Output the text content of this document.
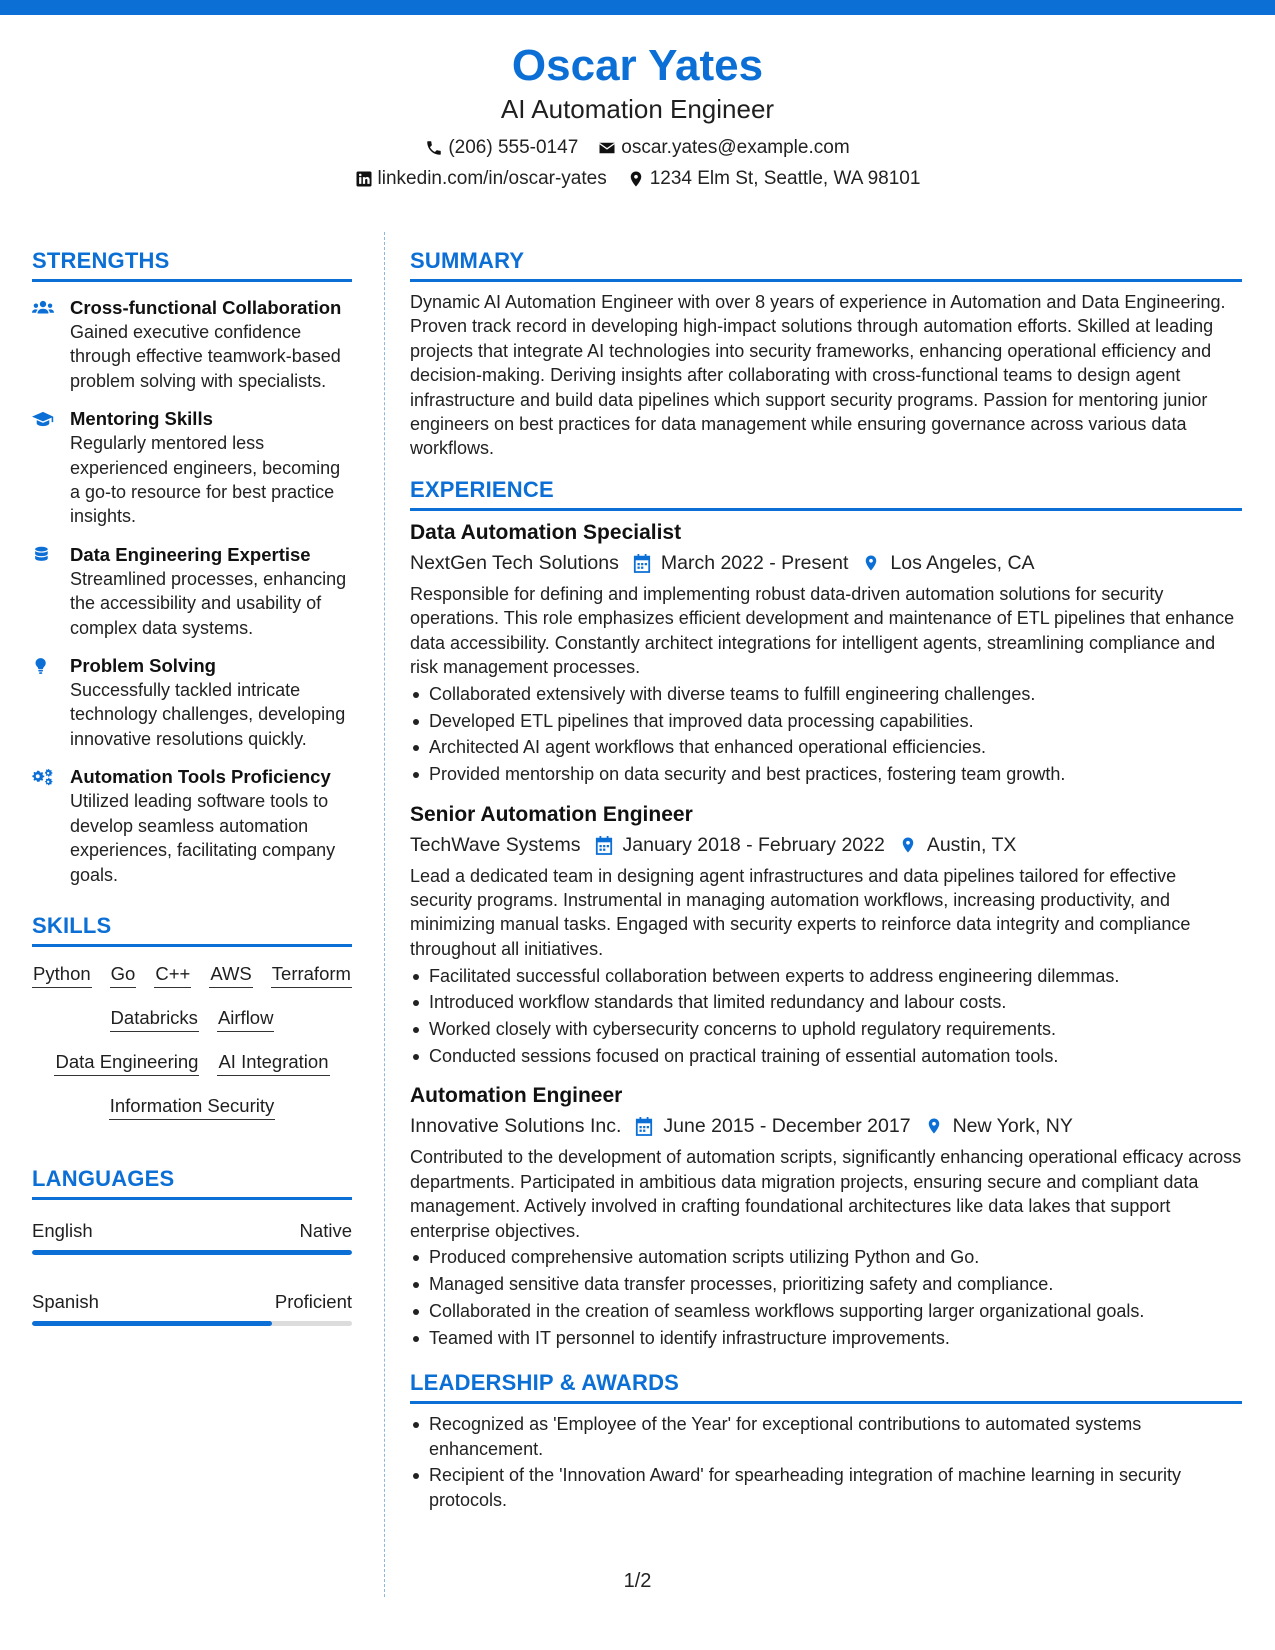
Oscar Yates
AI Automation Engineer
(206) 555-0147 oscar.yates@example.com
linkedin.com/in/oscar-yates 1234 Elm St, Seattle, WA 98101
STRENGTHS
Cross-functional Collaboration
Gained executive confidence through effective teamwork-based problem solving with specialists.
Mentoring Skills
Regularly mentored less experienced engineers, becoming a go-to resource for best practice insights.
Data Engineering Expertise
Streamlined processes, enhancing the accessibility and usability of complex data systems.
Problem Solving
Successfully tackled intricate technology challenges, developing innovative resolutions quickly.
Automation Tools Proficiency
Utilized leading software tools to develop seamless automation experiences, facilitating company goals.
SKILLS
Python Go C++ AWS Terraform
Databricks Airflow
Data Engineering AI Integration
Information Security
LANGUAGES
English	Native
Spanish	Proficient
SUMMARY
Dynamic AI Automation Engineer with over 8 years of experience in Automation and Data Engineering. Proven track record in developing high-impact solutions through automation efforts. Skilled at leading projects that integrate AI technologies into security frameworks, enhancing operational efficiency and decision-making. Deriving insights after collaborating with cross-functional teams to design agent infrastructure and build data pipelines which support security programs. Passion for mentoring junior engineers on best practices for data management while ensuring governance across various data workflows.
EXPERIENCE
Data Automation Specialist
NextGen Tech Solutions March 2022 - Present Los Angeles, CA
Responsible for defining and implementing robust data-driven automation solutions for security operations. This role emphasizes efficient development and maintenance of ETL pipelines that enhance data accessibility. Constantly architect integrations for intelligent agents, streamlining compliance and risk management processes.
Collaborated extensively with diverse teams to fulfill engineering challenges.
Developed ETL pipelines that improved data processing capabilities.
Architected AI agent workflows that enhanced operational efficiencies.
Provided mentorship on data security and best practices, fostering team growth.
Senior Automation Engineer
TechWave Systems January 2018 - February 2022 Austin, TX
Lead a dedicated team in designing agent infrastructures and data pipelines tailored for effective security programs. Instrumental in managing automation workflows, increasing productivity, and minimizing manual tasks. Engaged with security experts to reinforce data integrity and compliance throughout all initiatives.
Facilitated successful collaboration between experts to address engineering dilemmas.
Introduced workflow standards that limited redundancy and labour costs.
Worked closely with cybersecurity concerns to uphold regulatory requirements.
Conducted sessions focused on practical training of essential automation tools.
Automation Engineer
Innovative Solutions Inc. June 2015 - December 2017 New York, NY
Contributed to the development of automation scripts, significantly enhancing operational efficacy across departments. Participated in ambitious data migration projects, ensuring secure and compliant data management. Actively involved in crafting foundational architectures like data lakes that support enterprise objectives.
Produced comprehensive automation scripts utilizing Python and Go.
Managed sensitive data transfer processes, prioritizing safety and compliance.
Collaborated in the creation of seamless workflows supporting larger organizational goals.
Teamed with IT personnel to identify infrastructure improvements.
LEADERSHIP & AWARDS
Recognized as 'Employee of the Year' for exceptional contributions to automated systems enhancement.
Recipient of the 'Innovation Award' for spearheading integration of machine learning in security protocols.
1/2
